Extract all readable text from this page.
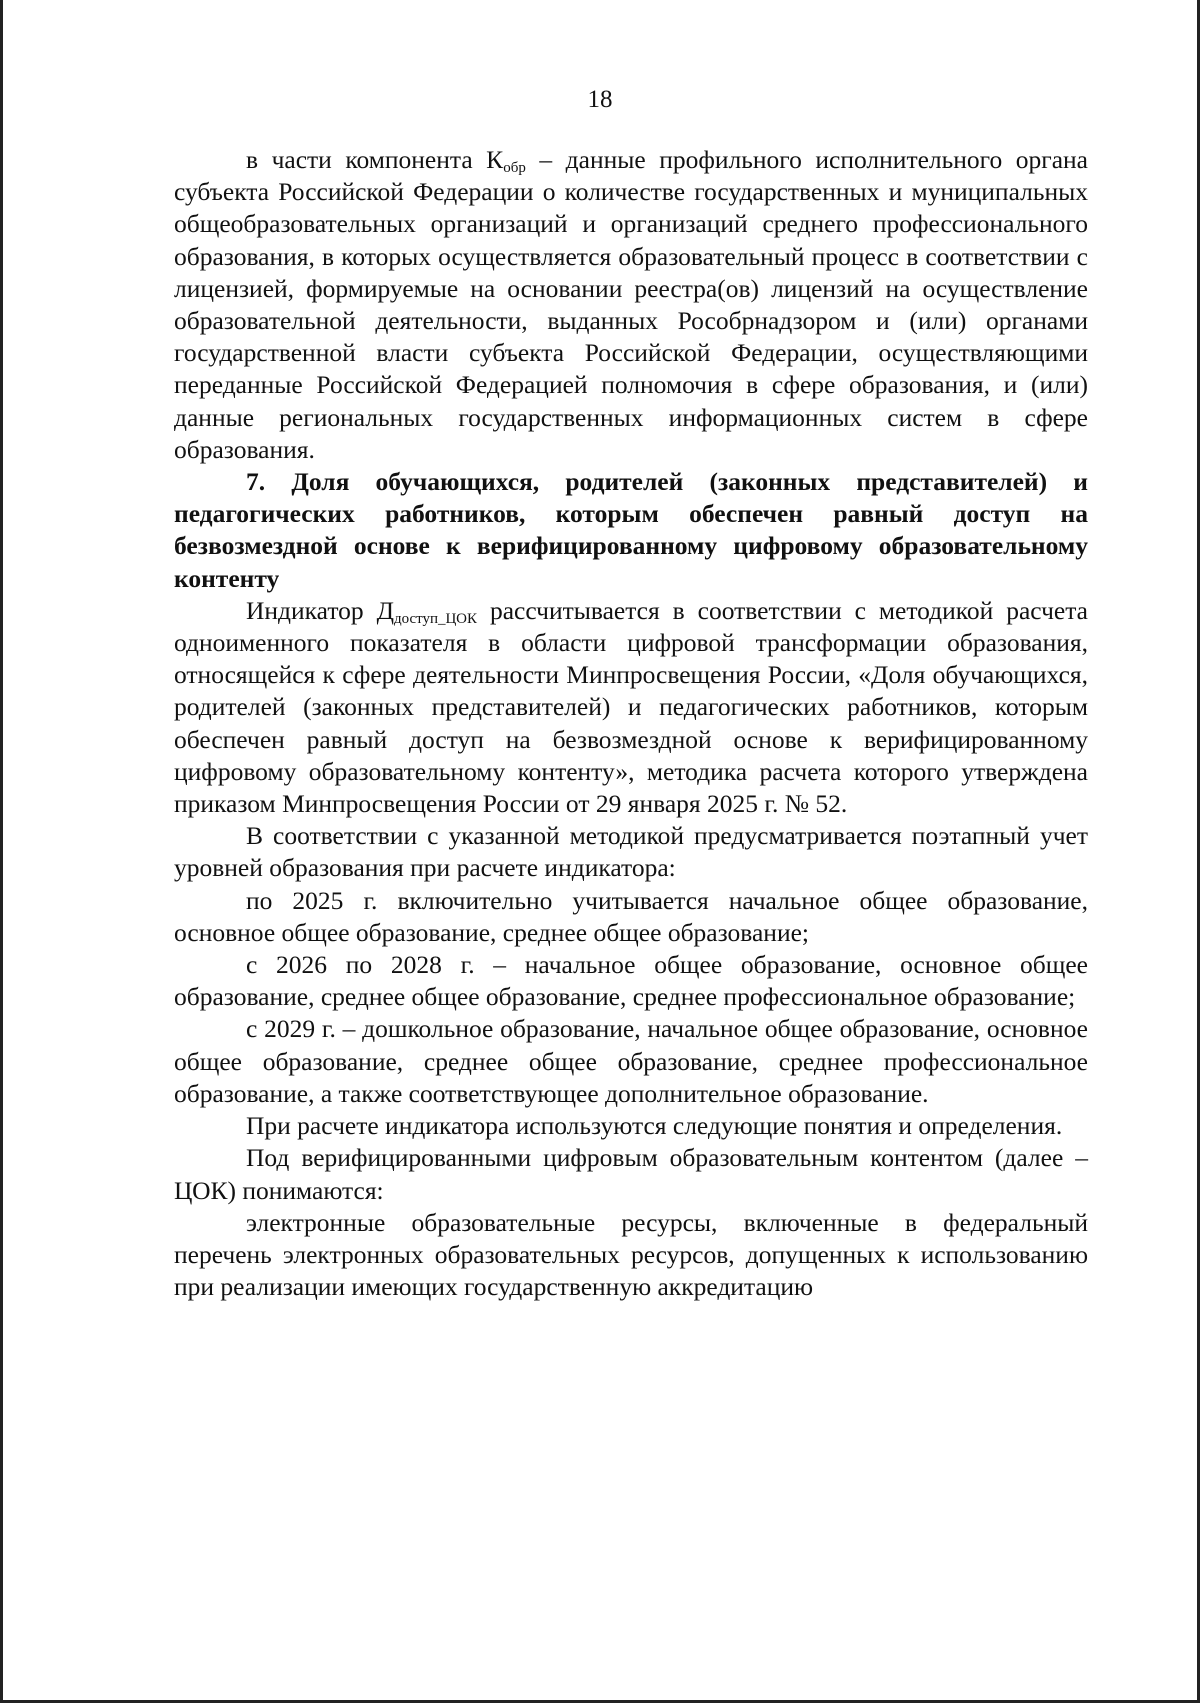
18

в части компонента $К_{обр}$ – данные профильного исполнительного органа субъекта Российской Федерации о количестве государственных и муниципальных общеобразовательных организаций и организаций среднего профессионального образования, в которых осуществляется образовательный процесс в соответствии с лицензией, формируемые на основании реестра(ов) лицензий на осуществление образовательной деятельности, выданных Рособрнадзором и (или) органами государственной власти субъекта Российской Федерации, осуществляющими переданные Российской Федерацией полномочия в сфере образования, и (или) данные региональных государственных информационных систем в сфере образования.

7. Доля обучающихся, родителей (законных представителей) и педагогических работников, которым обеспечен равный доступ на безвозмездной основе к верифицированному цифровому образовательному контенту

Индикатор $Д_{доступ\_ЦОК}$ рассчитывается в соответствии с методикой расчета одноименного показателя в области цифровой трансформации образования, относящейся к сфере деятельности Минпросвещения России, «Доля обучающихся, родителей (законных представителей) и педагогических работников, которым обеспечен равный доступ на безвозмездной основе к верифицированному цифровому образовательному контенту», методика расчета которого утверждена приказом Минпросвещения России от 29 января 2025 г. № 52.

В соответствии с указанной методикой предусматривается поэтапный учет уровней образования при расчете индикатора:

по 2025 г. включительно учитывается начальное общее образование, основное общее образование, среднее общее образование;

с 2026 по 2028 г. – начальное общее образование, основное общее образование, среднее общее образование, среднее профессиональное образование;

с 2029 г. – дошкольное образование, начальное общее образование, основное общее образование, среднее общее образование, среднее профессиональное образование, а также соответствующее дополнительное образование.

При расчете индикатора используются следующие понятия и определения.

Под верифицированными цифровым образовательным контентом (далее – ЦОК) понимаются:

электронные образовательные ресурсы, включенные в федеральный перечень электронных образовательных ресурсов, допущенных к использованию при реализации имеющих государственную аккредитацию
